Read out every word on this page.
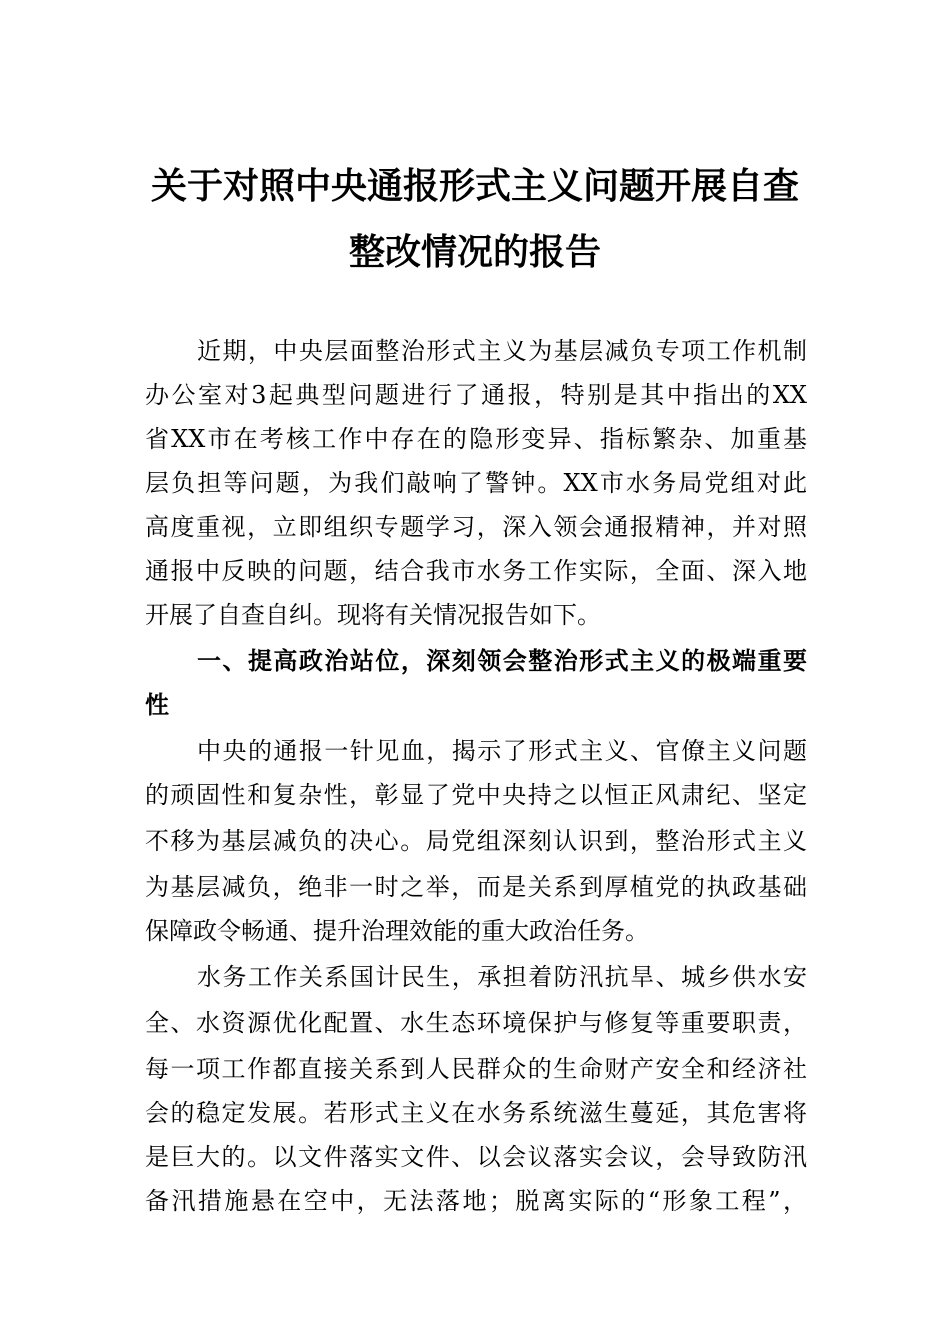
关于对照中央通报形式主义问题开展自查
整改情况的报告
近期，中央层面整治形式主义为基层减负专项工作机制
办公室对3起典型问题进行了通报，特别是其中指出的XX
省XX市在考核工作中存在的隐形变异、指标繁杂、加重基
层负担等问题，为我们敲响了警钟。XX市水务局党组对此
高度重视，立即组织专题学习，深入领会通报精神，并对照
通报中反映的问题，结合我市水务工作实际，全面、深入地
开展了自查自纠。现将有关情况报告如下。
一、提高政治站位，深刻领会整治形式主义的极端重要
性
中央的通报一针见血，揭示了形式主义、官僚主义问题
的顽固性和复杂性，彰显了党中央持之以恒正风肃纪、坚定
不移为基层减负的决心。局党组深刻认识到，整治形式主义
为基层减负，绝非一时之举，而是关系到厚植党的执政基础
保障政令畅通、提升治理效能的重大政治任务。
水务工作关系国计民生，承担着防汛抗旱、城乡供水安
全、水资源优化配置、水生态环境保护与修复等重要职责，
每一项工作都直接关系到人民群众的生命财产安全和经济社
会的稳定发展。若形式主义在水务系统滋生蔓延，其危害将
是巨大的。以文件落实文件、以会议落实会议，会导致防汛
备汛措施悬在空中，无法落地；脱离实际的“形象工程”，
